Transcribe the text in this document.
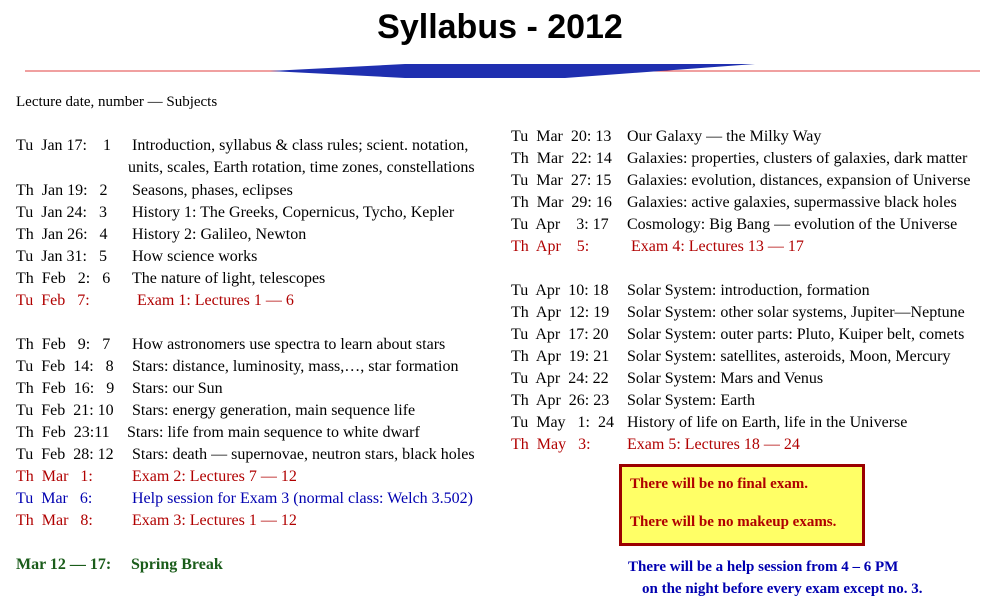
Syllabus - 2012
Lecture date, number — Subjects
Tu  Jan 17:    1 Introduction, syllabus & class rules; scient. notation,
units, scales, Earth rotation, time zones, constellations
Th  Jan 19:   2 Seasons, phases, eclipses
Tu  Jan 24:   3 History 1: The Greeks, Copernicus, Tycho, Kepler
Th  Jan 26:   4 History 2: Galileo, Newton
Tu  Jan 31:   5 How science works
Th  Feb   2:   6 The nature of light, telescopes
Tu  Feb   7:	Exam 1: Lectures 1 — 6
Th  Feb   9:   7 How astronomers use spectra to learn about stars
Tu  Feb  14:   8 Stars: distance, luminosity, mass,…, star formation
Th  Feb  16:   9 Stars: our Sun
Tu  Feb  21: 10 Stars: energy generation, main sequence life
Th  Feb  23:11 Stars: life from main sequence to white dwarf
Tu  Feb  28: 12 Stars: death — supernovae, neutron stars, black holes
Th  Mar   1: Exam 2: Lectures 7 — 12
Tu  Mar   6: Help session for Exam 3 (normal class: Welch 3.502)
Th  Mar   8: Exam 3: Lectures 1 — 12
Mar 12 — 17: Spring Break
Tu  Mar  20: 13 Our Galaxy — the Milky Way
Th  Mar  22: 14 Galaxies: properties, clusters of galaxies, dark matter
Tu  Mar  27: 15 Galaxies: evolution, distances, expansion of Universe
Th  Mar  29: 16 Galaxies: active galaxies, supermassive black holes
Tu  Apr    3: 17 Cosmology: Big Bang — evolution of the Universe
Th  Apr    5:	Exam 4: Lectures 13 — 17
Tu  Apr  10: 18 Solar System: introduction, formation
Th  Apr  12: 19 Solar System: other solar systems, Jupiter—Neptune
Tu  Apr  17: 20 Solar System: outer parts: Pluto, Kuiper belt, comets
Th  Apr  19: 21 Solar System: satellites, asteroids, Moon, Mercury
Tu  Apr  24: 22 Solar System: Mars and Venus
Th  Apr  26: 23 Solar System: Earth
Tu  May   1:  24 History of life on Earth, life in the Universe
Th  May   3: Exam 5: Lectures 18 — 24
There will be no final exam.
There will be no makeup exams.
There will be a help session from 4 – 6 PM
on the night before every exam except no. 3.
